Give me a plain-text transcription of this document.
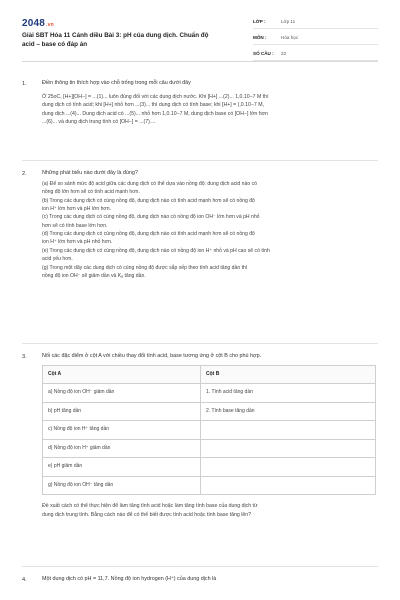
2048.vn
Giải SBT Hóa 11 Cánh diều Bài 3: pH của dung dịch. Chuẩn độ acid – base có đáp án
LỚP :	Lớp 11
MÔN :	Hóa học
SỐ CÂU :	22
1.	Điền thông tin thích hợp vào chỗ trống trong mỗi câu dưới đây
Ở 25oC, [H+][OH−] = ...(1)... luôn đúng đối với các dung dịch nước. Khi [H+] ...(2)... 1,0.10−7 M thì
dung dịch có tính acid; khi [H+] nhỏ hơn ...(3)... thì dung dịch có tính base; khi [H+] = (,0.10−7 M,
dung dịch ...(4)... Dung dịch acid có ...(5)... nhỏ hơn 1,0.10−7 M, dung dịch base có [OH−] lớn hơn
...(6)... và dung dịch trung tính có [OH−] = ...(7)....
2.	Những phát biểu nào dưới đây là đúng?
(a) Để so sánh mức độ acid giữa các dung dịch có thể dựa vào nồng độ: dung dịch acid nào có
nồng độ lớn hơn sẽ có tính acid mạnh hơn.
(b) Trong các dung dịch có cùng nồng độ, dung dịch nào có tính acid mạnh hơn sẽ có nồng độ
ion H⁺ lớn hơn và pH lớn hơn.
(c) Trong các dung dịch có cùng nồng độ, dung dịch nào có nồng độ ion OH⁻ lớn hơn và pH nhỏ
hơn sẽ có tính base lớn hơn.
(d) Trong các dung dịch có cùng nồng độ, dung dịch nào có tính acid mạnh hơn sẽ có nồng độ
ion H⁺ lớn hơn và pH nhỏ hơn.
(e) Trong các dung dịch có cùng nồng độ, dung dịch nào có nồng độ ion H⁺ nhỏ và pH cao sẽ có tính
acid yếu hơn.
(g) Trong một dãy các dung dịch có cùng nồng độ được sắp xếp theo tính acid tăng dần thì
nồng độ ion OH⁻ sẽ giảm dần và Kₐ tăng dần.
3.	Nối các đặc điểm ở cột A với chiều thay đổi tính acid, base tương ứng ở cột B cho phù hợp.
Cột A	Cột B
a) Nồng độ ion OH⁻ giảm dần	1. Tính acid tăng dần
b) pH tăng dần	2. Tính base tăng dần
c) Nồng độ ion H⁺ tăng dần	
d) Nồng độ ion H⁺ giảm dần	
e) pH giảm dần	
g) Nồng độ ion OH⁻ tăng dần	
Đề xuất cách có thể thực hiện để làm tăng tính acid hoặc làm tăng tính base của dung dịch từ
dung dịch trung tính. Bằng cách nào để có thể biết được tính acid hoặc tính base tăng lên?
4.	Một dung dịch có pH = 11,7. Nồng độ ion hydrogen (H⁺) của dung dịch là
